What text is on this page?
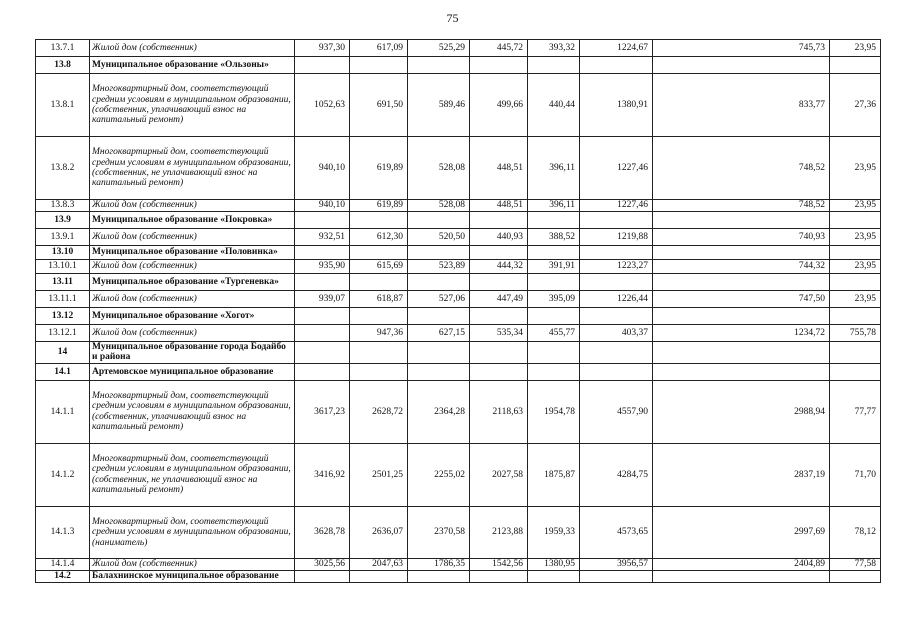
75
13.7.1	Жилой дом (собственник)	937,30	617,09	525,29	445,72	393,32	1224,67	745,73	23,95
13.8	Муниципальное образование «Ользоны»								
13.8.1	Многоквартирный дом, соответствующий средним условиям в муниципальном образовании, (собственник, уплачивающий взнос на капитальный ремонт)	1052,63	691,50	589,46	499,66	440,44	1380,91	833,77	27,36
13.8.2	Многоквартирный дом, соответствующий средним условиям в муниципальном образовании, (собственник, не уплачивающий взнос на капитальный ремонт)	940,10	619,89	528,08	448,51	396,11	1227,46	748,52	23,95
13.8.3	Жилой дом (собственник)	940,10	619,89	528,08	448,51	396,11	1227,46	748,52	23,95
13.9	Муниципальное образование «Покровка»								
13.9.1	Жилой дом (собственник)	932,51	612,30	520,50	440,93	388,52	1219,88	740,93	23,95
13.10	Муниципальное образование «Половинка»								
13.10.1	Жилой дом (собственник)	935,90	615,69	523,89	444,32	391,91	1223,27	744,32	23,95
13.11	Муниципальное образование «Тургеневка»								
13.11.1	Жилой дом (собственник)	939,07	618,87	527,06	447,49	395,09	1226,44	747,50	23,95
13.12	Муниципальное образование «Хогот»								
13.12.1	Жилой дом (собственник)		947,36	627,15	535,34	455,77	403,37	1234,72	755,78
14	Муниципальное образование города Бодайбо и района								
14.1	Артемовское муниципальное образование								
14.1.1	Многоквартирный дом, соответствующий средним условиям в муниципальном образовании, (собственник, уплачивающий взнос на капитальный ремонт)	3617,23	2628,72	2364,28	2118,63	1954,78	4557,90	2988,94	77,77
14.1.2	Многоквартирный дом, соответствующий средним условиям в муниципальном образовании, (собственник, не уплачивающий взнос на капитальный ремонт)	3416,92	2501,25	2255,02	2027,58	1875,87	4284,75	2837,19	71,70
14.1.3	Многоквартирный дом, соответствующий средним условиям в муниципальном образовании, (наниматель)	3628,78	2636,07	2370,58	2123,88	1959,33	4573,65	2997,69	78,12
14.1.4	Жилой дом (собственник)	3025,56	2047,63	1786,35	1542,56	1380,95	3956,57	2404,89	77,58
14.2	Балахнинское муниципальное образование								
